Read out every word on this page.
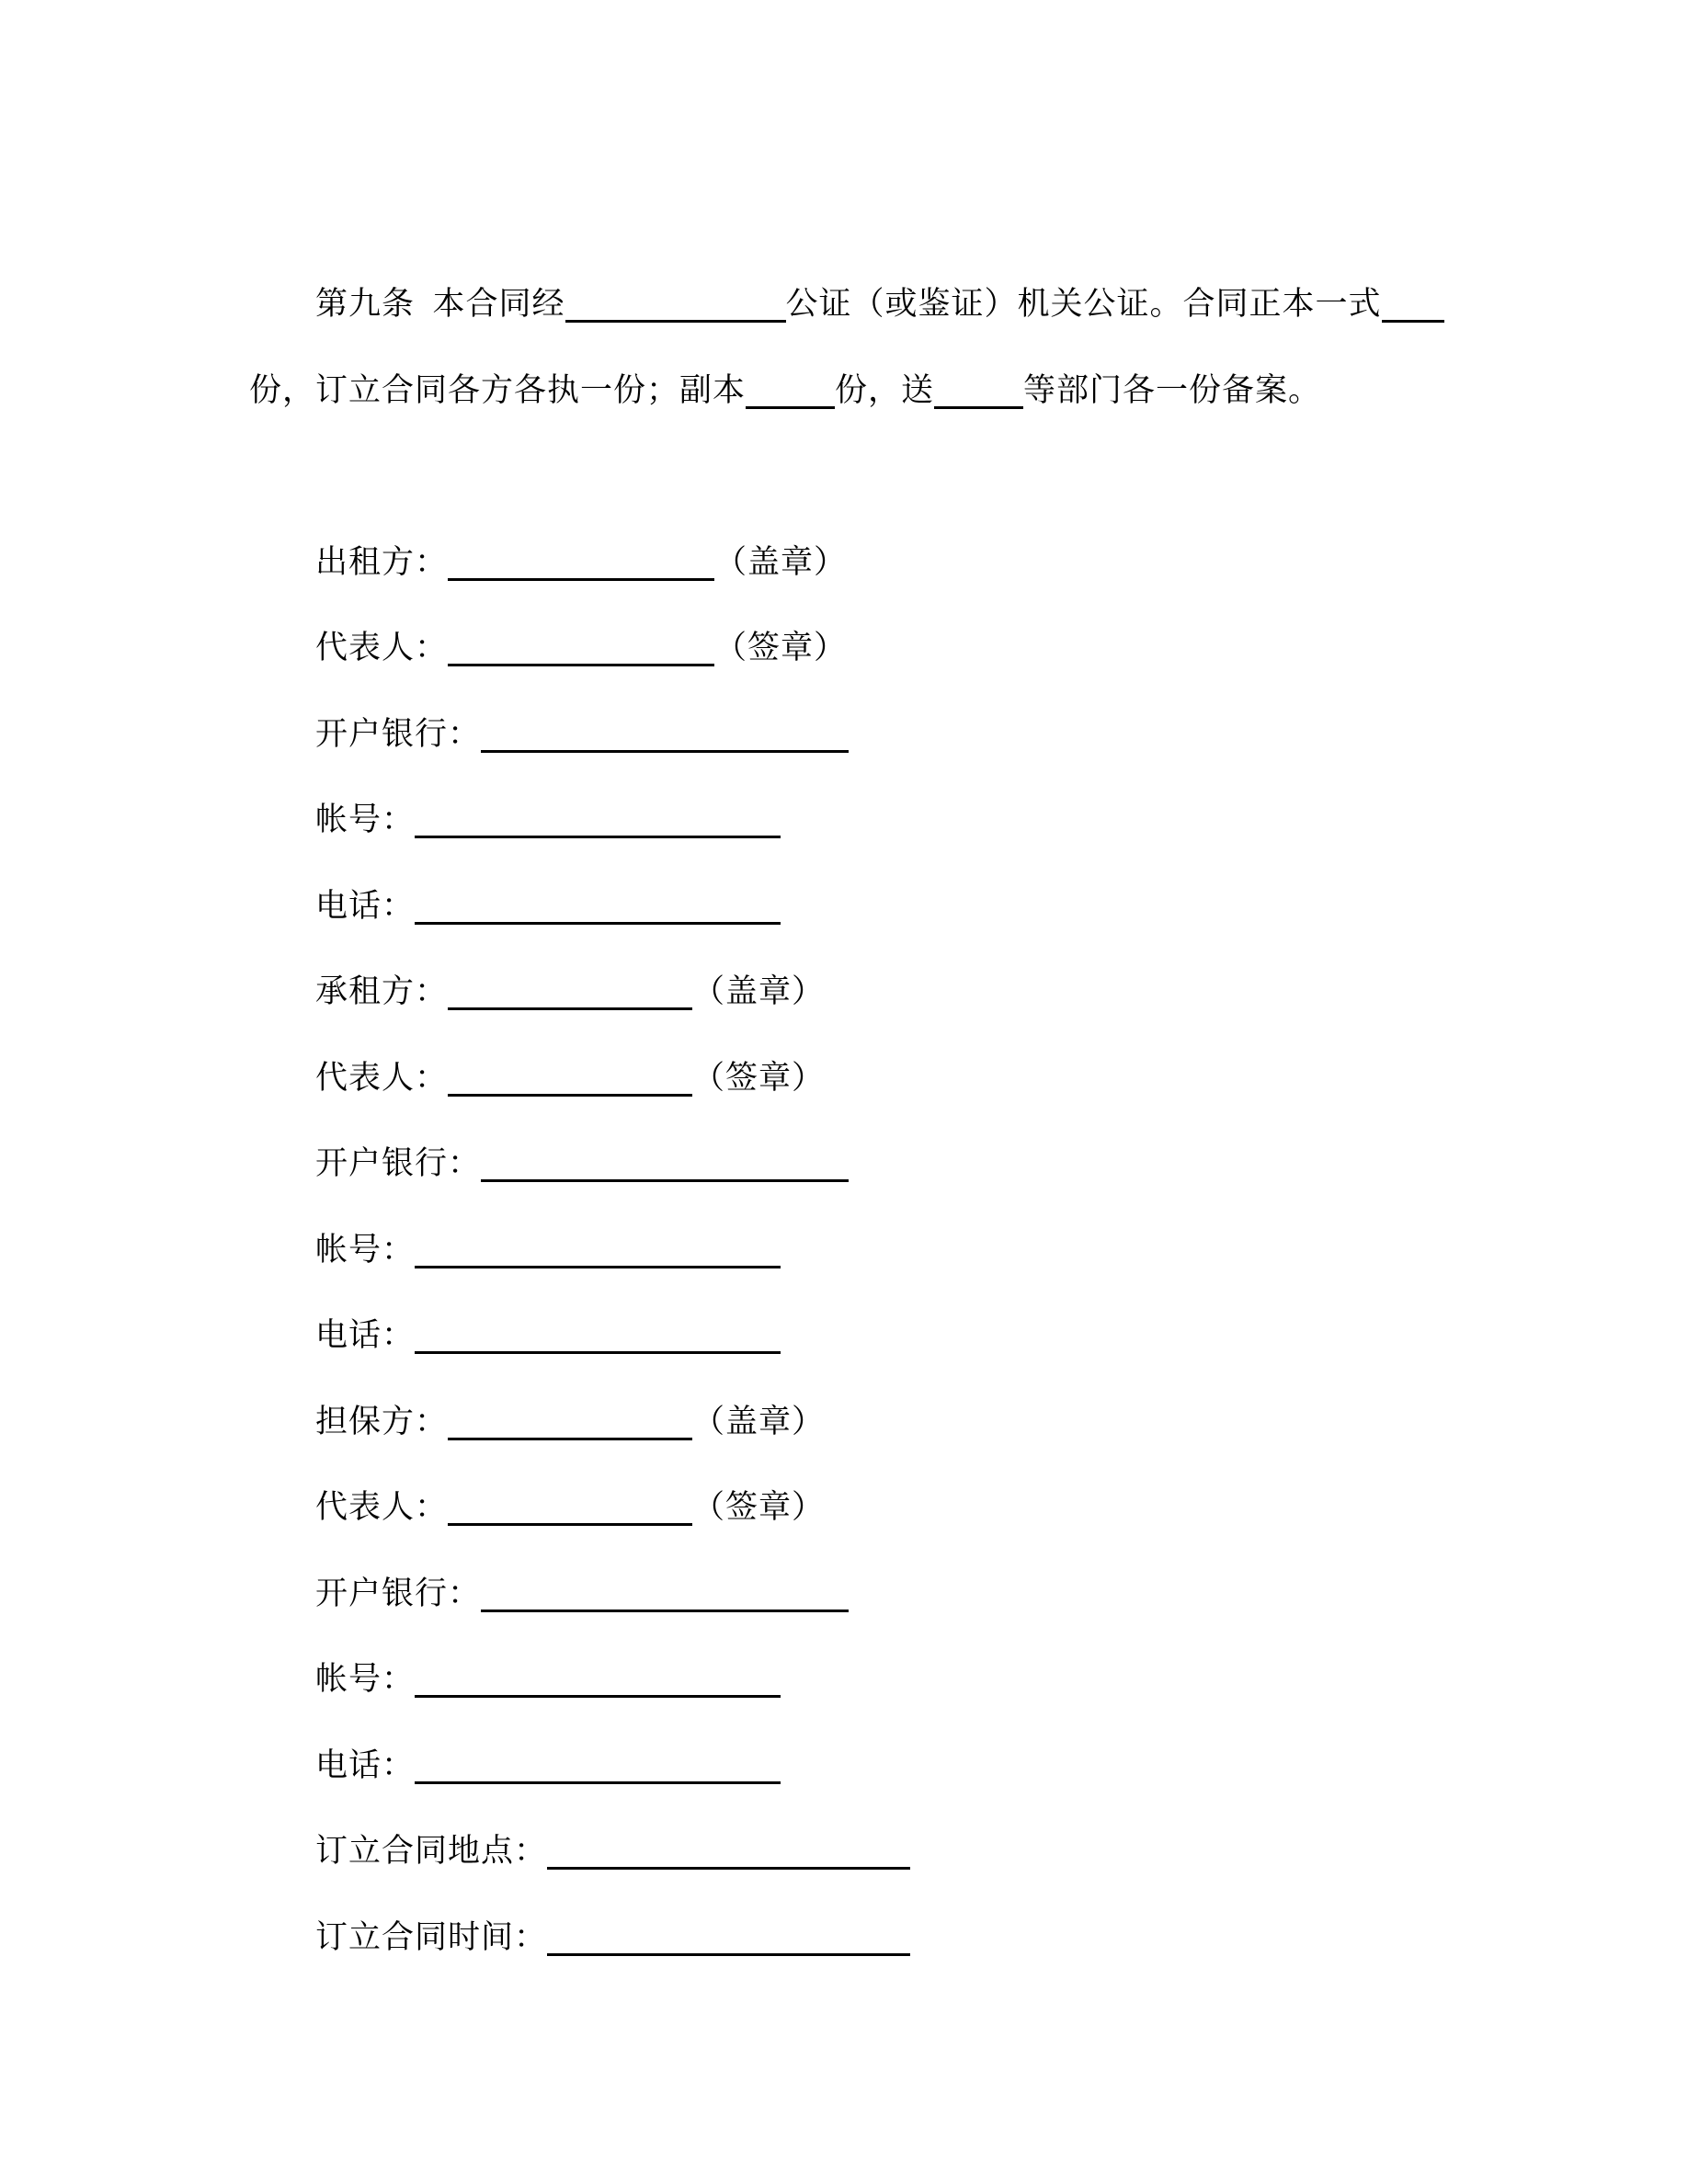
第九条  本合同经	公证（或鉴证）机关公证。合同正本一式
份，订立合同各方各执一份；副本	份，送	等部门各一份备案。
出租方：	（盖章）
代表人：	（签章）
开户银行：
帐号：
电话：
承租方：	（盖章）
代表人：	（签章）
开户银行：
帐号：
电话：
担保方：	（盖章）
代表人：	（签章）
开户银行：
帐号：
电话：
订立合同地点：
订立合同时间：
